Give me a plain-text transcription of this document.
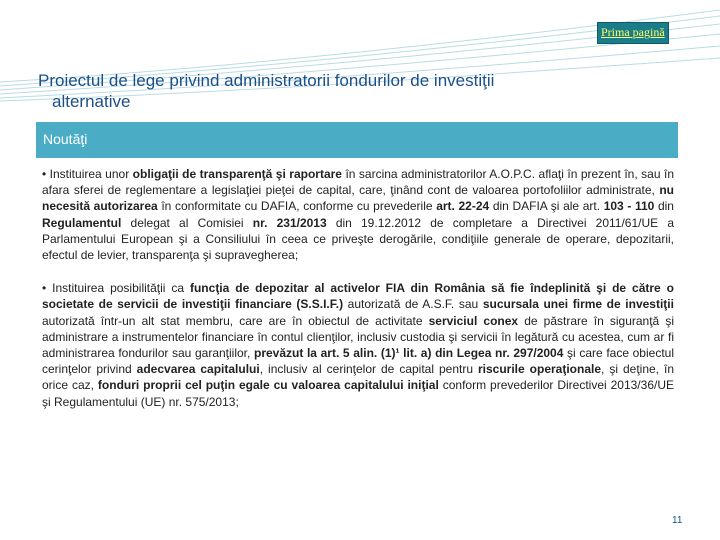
Prima pagină
Proiectul de lege privind administratorii fondurilor de investiţii
alternative
Noutăţi

• Instituirea unor obligaţii de transparenţă şi raportare în sarcina administratorilor A.O.P.C. aflaţi în prezent în, sau în afara sferei de reglementare a legislaţiei pieţei de capital, care, ţinând cont de valoarea portofoliilor administrate, nu necesită autorizarea în conformitate cu DAFIA, conforme cu prevederile art. 22-24 din DAFIA şi ale art. 103 - 110 din Regulamentul delegat al Comisiei nr. 231/2013 din 19.12.2012 de completare a Directivei 2011/61/UE a Parlamentului European şi a Consiliului în ceea ce priveşte derogările, condiţiile generale de operare, depozitarii, efectul de levier, transparenţa şi supravegherea;

• Instituirea posibilităţii ca funcţia de depozitar al activelor FIA din România să fie îndeplinită şi de către o societate de servicii de investiţii financiare (S.S.I.F.) autorizată de A.S.F. sau sucursala unei firme de investiţii autorizată într-un alt stat membru, care are în obiectul de activitate serviciul conex de păstrare în siguranţă şi administrare a instrumentelor financiare în contul clienţilor, inclusiv custodia şi servicii în legătură cu acestea, cum ar fi administrarea fondurilor sau garanţiilor, prevăzut la art. 5 alin. (1)¹ lit. a) din Legea nr. 297/2004 şi care face obiectul cerinţelor privind adecvarea capitalului, inclusiv al cerinţelor de capital pentru riscurile operaţionale, şi deţine, în orice caz, fonduri proprii cel puţin egale cu valoarea capitalului iniţial conform prevederilor Directivei 2013/36/UE şi Regulamentului (UE) nr. 575/2013;

11
